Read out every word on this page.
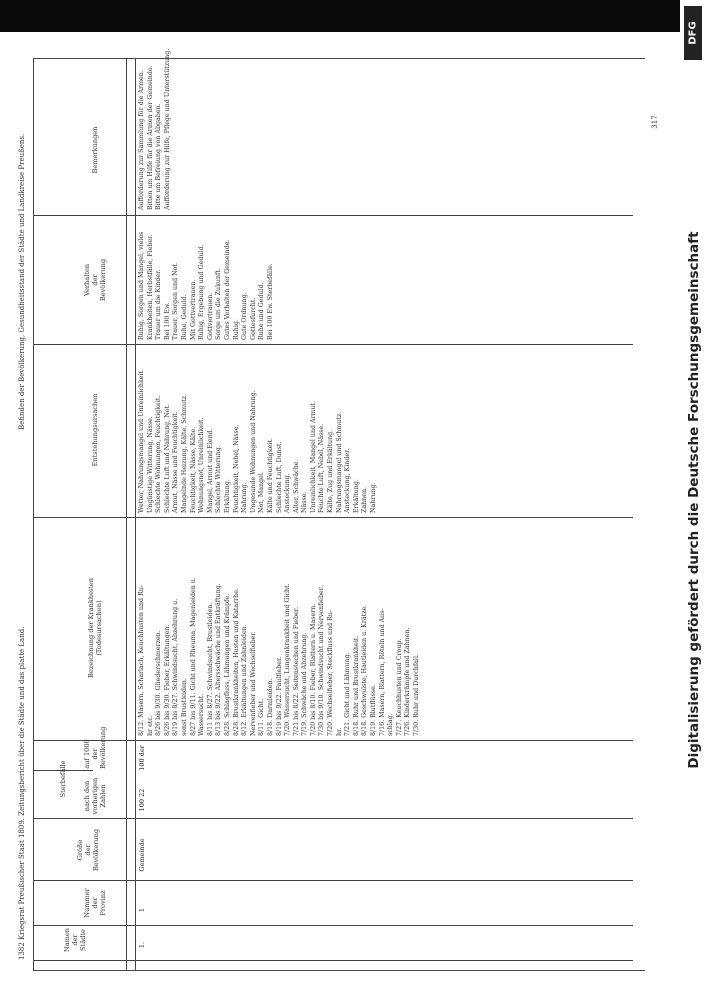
DFG
Digitalisierung gefördert durch die Deutsche Forschungsgemeinschaft
1382 Kriegsrat Preußischer Staat 1809. Zeitungsbericht über die Städte und das platte Land.
Befinden der Bevölkerung, Gesundheitsstand der Städte und Landkreise Preußens.
317
Namen der Städte
Nummer der Provinz
Größe der Bevölkerung
Sterbefälle nach den vorherigen Zahlen
auf 1000 der Bevölkerung
Bezeichnung der Krankheiten (Todesursachen)
Entstehungsursachen
Verhalten der Bevölkerung
Bemerkungen
1.
1
Gemeinde
100 22
100 der
8/12. Masern, Scharlach, Keuchhusten und Ru- hr etc. 8/26 bis 9/30. Gliederschmerzen. 8/26 bis 9/30. Fieber, Erkältungen. 8/19 bis 8/27. Schwindsucht, Abzehrung u. sonst Brustleiden. 8/27 bis 9/11. Gicht und Rheuma, Magenleiden u. Wassersucht. 8/11 bis 8/27. Schwindsucht, Brustleiden. 8/13 bis 9/22. Altersschwäche und Entkräftung. 8/28. Schlagfluss, Lähmungen und Krämpfe. 8/28. Brustkrankheiten, Husten und Katarrhe. 8/12. Erkältungen und Zahnleiden. Nervenfieber und Wechselfieber. 8/11. Gicht. 8/18. Darmleiden. 8/19 bis 9/22. Faulfieber. 7/20. Wassersucht, Lungenkrankheit und Gicht. 7/21 bis 8/22. Seitenstechen und Fieber. 7/19. Schwäche und Abzehrung. 7/20 bis 8/10. Fieber, Blattern u. Masern. 7/30 bis 9/10. Schwindsucht und Nervenfieber. 7/20. Wechselfieber, Steckfluss und Ru- hr. 7/21. Gicht und Lähmung. 8/18. Ruhr und Brustkrankheit. 8/18. Geschwulste, Hautleiden u. Krätze. 8/19. Blutflüsse. 7/16. Masern, Blattern, Röteln und Aus- schlag. 7/27. Keuchhusten und Croup. 7/26. Kinderkrämpfe und Zahnen. 7/30. Ruhr und Durchfall.
Wetter, Nahrungsmangel und Unreinlichkeit. Ungünstige Witterung, Nässe. Schlechte Wohnungen, Feuchtigkeit. Schlechte Luft und Nahrung, Not. Armut, Nässe und Feuchtigkeit. Mangelnde Heizung, Kälte, Schmutz. Feuchtigkeit, Nässe, Kälte. Wohnungsnot, Unreinlichkeit. Mangel, Armut und Elend. Schlechte Witterung. Erkältung. Feuchtigkeit, Nebel, Nässe. Nahrung. Ungesunde Wohnungen und Nahrung. Not, Mangel. Kälte und Feuchtigkeit. Schlechte Luft, Dunst. Ansteckung. Alter, Schwäche. Nässe. Unreinlichkeit, Mangel und Armut. Feuchte Luft, Nebel, Nässe. Kälte, Zug und Erkältung. Nahrungsmangel und Schmutz. Ansteckung, Kinder. Erkältung. Zahnen. Nahrung.
Ruhig, Sorgen und Mangel, vieles Krankheiten, Herbstfälle, Fieber. Trauer um die Kinder. Bei 100 Ew. Trauer, Sorgen und Not. Ruhe, Geduld. Mit Gottvertrauen. Ruhig, Ergebung und Geduld. Gottvertrauen. Sorge um die Zukunft. Gutes Verhalten der Gemeinde. Ruhig. Gute Ordnung. Gottesfurcht. Ruhe und Geduld. Bei 100 Ew. Sterbefälle.
Aufforderung zur Sammlung für die Armen. Bitten um Hilfe für die Armen der Gemeinde. Bitte um Befreiung von Abgaben. Aufforderung zur Hilfe, Pflege und Unterstützung.
